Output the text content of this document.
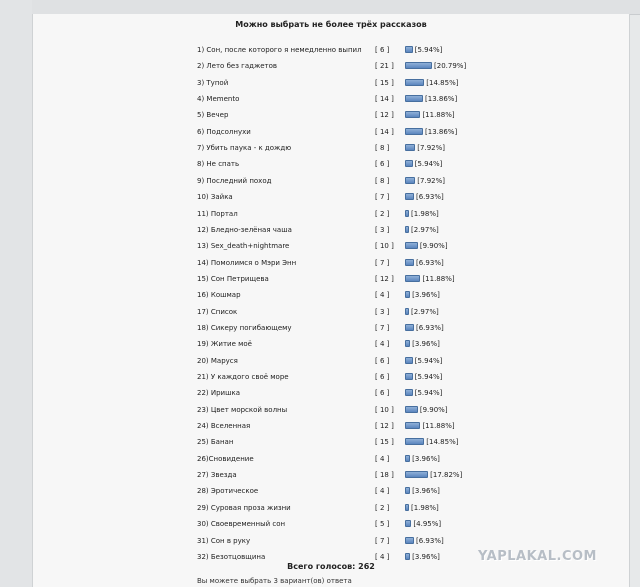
Можно выбрать не более трёх рассказов
1) Сон, после которого я немедленно выпил [ 6 ]	[5.94%]
2) Лето без гаджетов	[ 21 ]	[20.79%]
3) Тупой	[ 15 ]	[14.85%]
4) Memento	[ 14 ]	[13.86%]
5) Вечер	[ 12 ]	[11.88%]
6) Подсолнухи	[ 14 ]	[13.86%]
7) Убить паука - к дождю	[ 8 ]	[7.92%]
8) Не спать	[ 6 ]	[5.94%]
9) Последний поход	[ 8 ]	[7.92%]
10) Зайка	[ 7 ]	[6.93%]
11) Портал	[ 2 ]	[1.98%]
12) Бледно-зелёная чаша	[ 3 ]	[2.97%]
13) Sex_death+nightmare	[ 10 ]	[9.90%]
14) Помолимся о Мэри Энн	[ 7 ]	[6.93%]
15) Сон Петрищева	[ 12 ]	[11.88%]
16) Кошмар	[ 4 ]	[3.96%]
17) Список	[ 3 ]	[2.97%]
18) Сикеру погибающему	[ 7 ]	[6.93%]
19) Житие моё	[ 4 ]	[3.96%]
20) Маруся	[ 6 ]	[5.94%]
21) У каждого своё море	[ 6 ]	[5.94%]
22) Иришка	[ 6 ]	[5.94%]
23) Цвет морской волны	[ 10 ]	[9.90%]
24) Вселенная	[ 12 ]	[11.88%]
25) Банан	[ 15 ]	[14.85%]
26)Сновидение	[ 4 ]	[3.96%]
27) Звезда	[ 18 ]	[17.82%]
28) Эротическое	[ 4 ]	[3.96%]
29) Суровая проза жизни	[ 2 ]	[1.98%]
30) Своевременный сон	[ 5 ]	[4.95%]
31) Сон в руку	[ 7 ]	[6.93%]
32) Безотцовщина	[ 4 ]	[3.96%]
Всего голосов: 262
Вы можете выбрать 3 вариант(ов) ответа
YAPLAKAL.COM
